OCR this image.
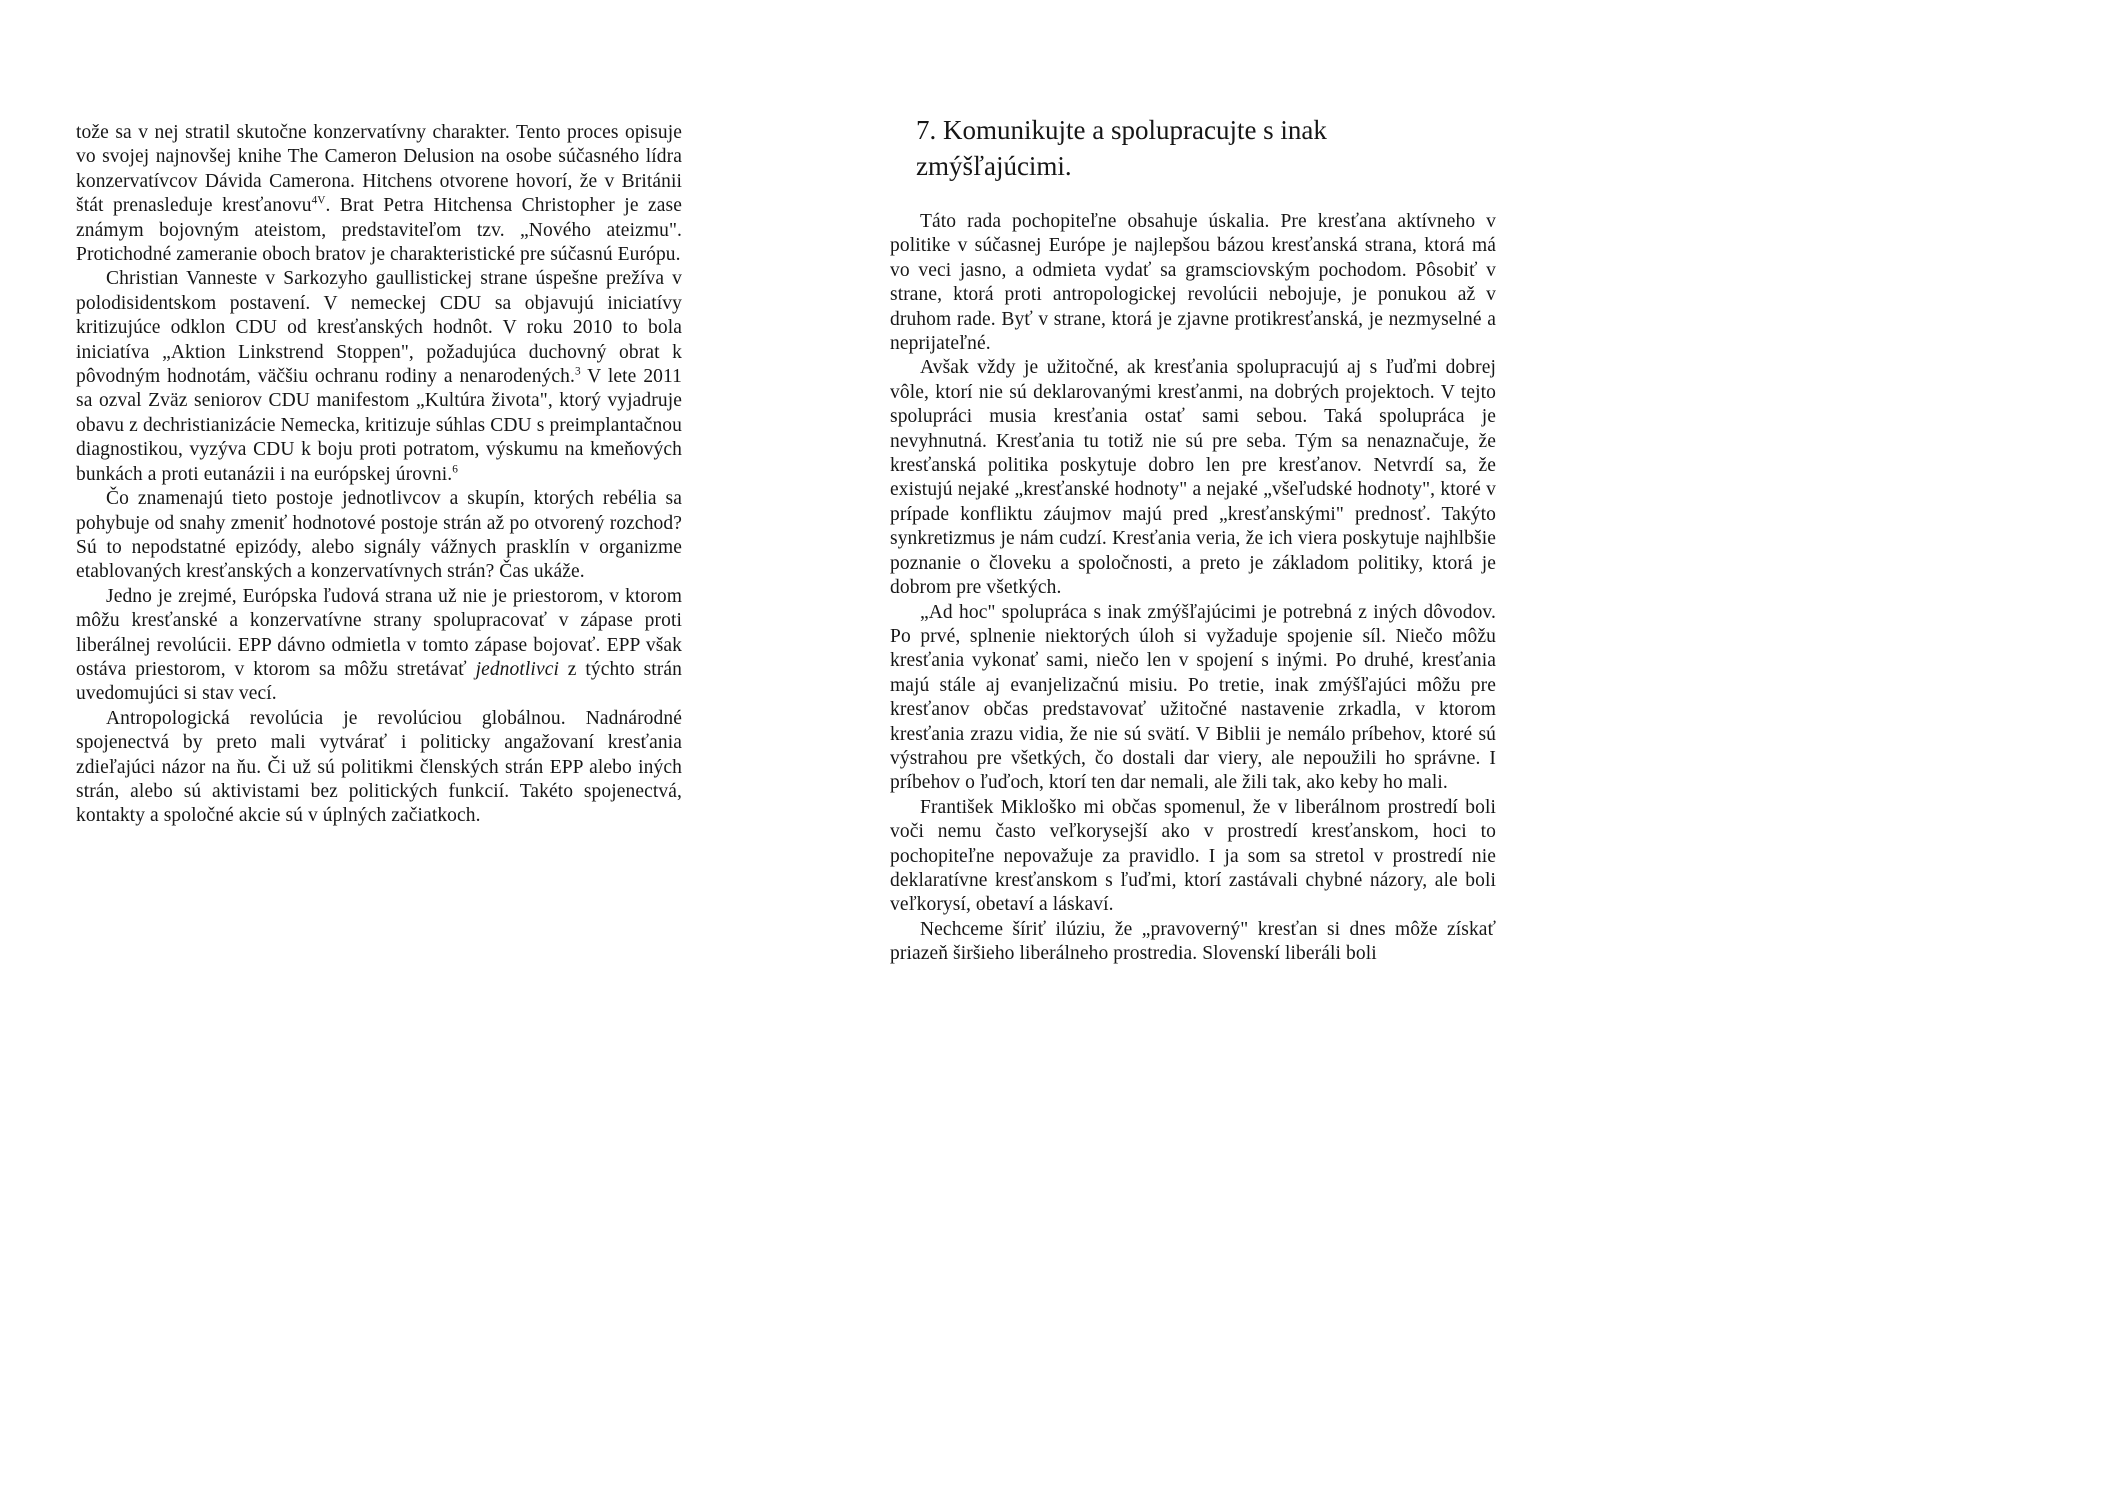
tože sa v nej stratil skutočne konzervatívny charakter. Tento proces opisuje vo svojej najnovšej knihe The Cameron Delusion na osobe súčasného lídra konzervatívcov Dávida Camerona. Hitchens otvorene hovorí, že v Británii štát prenasleduje kresťanovu$^{4V}$. Brat Petra Hitchensa Christopher je zase známym bojovným ateistom, predstaviteľom tzv. „Nového ateizmu". Protichodné zameranie oboch bratov je charakteristické pre súčasnú Európu.

Christian Vanneste v Sarkozyho gaullistickej strane úspešne prežíva v polodisidentskom postavení. V nemeckej CDU sa objavujú iniciatívy kritizujúce odklon CDU od kresťanských hodnôt. V roku 2010 to bola iniciatíva „Aktion Linkstrend Stoppen", požadujúca duchovný obrat k pôvodným hodnotám, väčšiu ochranu rodiny a nenarodených.$^3$ V lete 2011 sa ozval Zväz seniorov CDU manifestom „Kultúra života", ktorý vyjadruje obavu z dechristianizácie Nemecka, kritizuje súhlas CDU s preimplantačnou diagnostikou, vyzýva CDU k boju proti potratom, výskumu na kmeňových bunkách a proti eutanázii i na európskej úrovni.$^6$

Čo znamenajú tieto postoje jednotlivcov a skupín, ktorých rebélia sa pohybuje od snahy zmeniť hodnotové postoje strán až po otvorený rozchod? Sú to nepodstatné epizódy, alebo signály vážnych prasklín v organizme etablovaných kresťanských a konzervatívnych strán? Čas ukáže.

Jedno je zrejmé, Európska ľudová strana už nie je priestorom, v ktorom môžu kresťanské a konzervatívne strany spolupracovať v zápase proti liberálnej revolúcii. EPP dávno odmietla v tomto zápase bojovať. EPP však ostáva priestorom, v ktorom sa môžu stretávať jednotlivci z týchto strán uvedomujúci si stav vecí.

Antropologická revolúcia je revolúciou globálnou. Nadnárodné spojenectvá by preto mali vytvárať i politicky angažovaní kresťania zdieľajúci názor na ňu. Či už sú politikmi členských strán EPP alebo iných strán, alebo sú aktivistami bez politických funkcií. Takéto spojenectvá, kontakty a spoločné akcie sú v úplných začiatkoch.

7. Komunikujte a spolupracujte s inak zmýšľajúcimi.

Táto rada pochopiteľne obsahuje úskalia. Pre kresťana aktívneho v politike v súčasnej Európe je najlepšou bázou kresťanská strana, ktorá má vo veci jasno, a odmieta vydať sa gramsciovským pochodom. Pôsobiť v strane, ktorá proti antropologickej revolúcii nebojuje, je ponukou až v druhom rade. Byť v strane, ktorá je zjavne protikresťanská, je nezmyselné a neprijateľné.

Avšak vždy je užitočné, ak kresťania spolupracujú aj s ľuďmi dobrej vôle, ktorí nie sú deklarovanými kresťanmi, na dobrých projektoch. V tejto spolupráci musia kresťania ostať sami sebou. Taká spolupráca je nevyhnutná. Kresťania tu totiž nie sú pre seba. Tým sa nenaznačuje, že kresťanská politika poskytuje dobro len pre kresťanov. Netvrdí sa, že existujú nejaké „kresťanské hodnoty" a nejaké „všeľudské hodnoty", ktoré v prípade konfliktu záujmov majú pred „kresťanskými" prednosť. Takýto synkretizmus je nám cudzí. Kresťania veria, že ich viera poskytuje najhlbšie poznanie o človeku a spoločnosti, a preto je základom politiky, ktorá je dobrom pre všetkých.

„Ad hoc" spolupráca s inak zmýšľajúcimi je potrebná z iných dôvodov. Po prvé, splnenie niektorých úloh si vyžaduje spojenie síl. Niečo môžu kresťania vykonať sami, niečo len v spojení s inými. Po druhé, kresťania majú stále aj evanjelizačnú misiu. Po tretie, inak zmýšľajúci môžu pre kresťanov občas predstavovať užitočné nastavenie zrkadla, v ktorom kresťania zrazu vidia, že nie sú svätí. V Biblii je nemálo príbehov, ktoré sú výstrahou pre všetkých, čo dostali dar viery, ale nepoužili ho správne. I príbehov o ľuďoch, ktorí ten dar nemali, ale žili tak, ako keby ho mali.

František Mikloško mi občas spomenul, že v liberálnom prostredí boli voči nemu často veľkorysejší ako v prostredí kresťanskom, hoci to pochopiteľne nepovažuje za pravidlo. I ja som sa stretol v prostredí nie deklaratívne kresťanskom s ľuďmi, ktorí zastávali chybné názory, ale boli veľkorysí, obetaví a láskaví.

Nechceme šíriť ilúziu, že „pravoverný" kresťan si dnes môže získať priazeň širšieho liberálneho prostredia. Slovenskí liberáli boli
